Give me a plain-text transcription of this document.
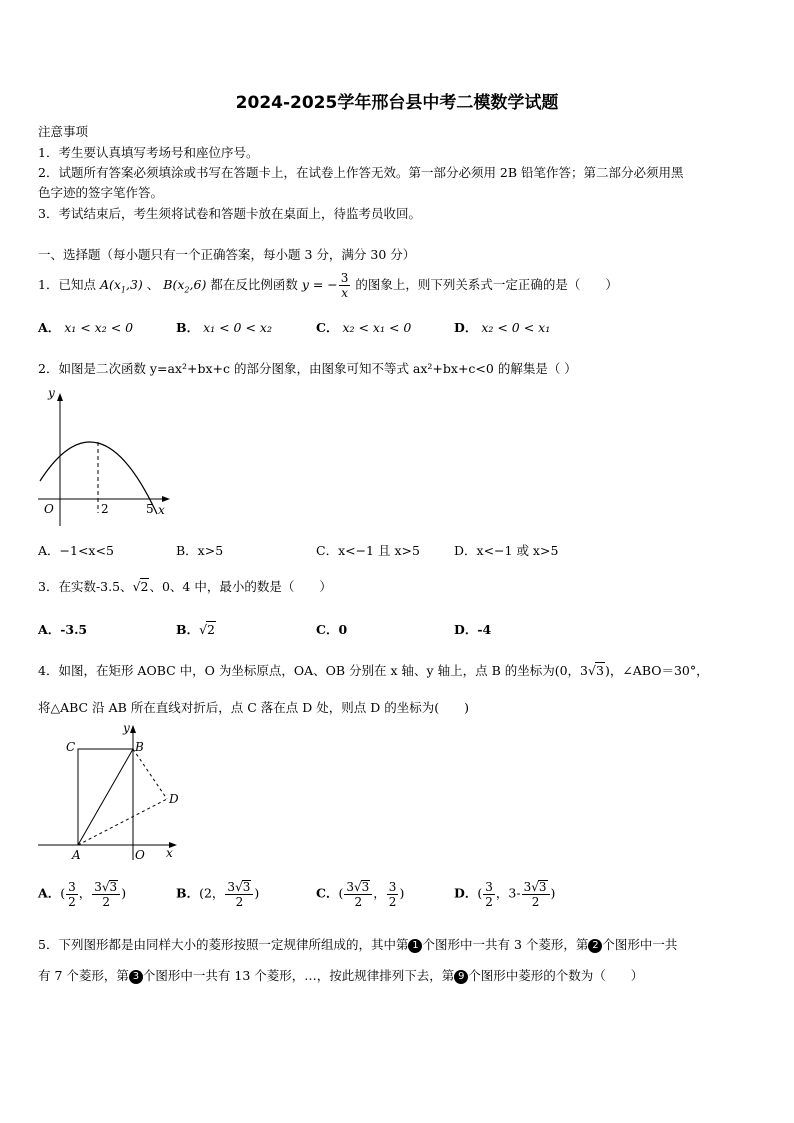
2024-2025学年邢台县中考二模数学试题
注意事项
1．考生要认真填写考场号和座位序号。
2．试题所有答案必须填涂或书写在答题卡上，在试卷上作答无效。第一部分必须用 2B 铅笔作答；第二部分必须用黑
色字迹的签字笔作答。
3．考试结束后，考生须将试卷和答题卡放在桌面上，待监考员收回。
一、选择题（每小题只有一个正确答案，每小题 3 分，满分 30 分）
1．已知点 $A(x_1,3)$ 、 $B(x_2,6)$ 都在反比例函数 y = − $\frac{3}{x}$ 的图象上，则下列关系式一定正确的是（　　）
A． x₁ < x₂ < 0	B． x₁ < 0 < x₂	C． x₂ < x₁ < 0	D． x₂ < 0 < x₁
2．如图是二次函数 y=ax²+bx+c 的部分图象，由图象可知不等式 ax²+bx+c<0 的解集是（ ）
y
O	2	5 x
A．−1<x<5	B．x>5	C．x<−1 且 x>5	D．x<−1 或 x>5
3．在实数-3.5、√2、0、4 中，最小的数是（　　）
A．-3.5	B．√2	C．0	D．-4
4．如图，在矩形 AOBC 中，O 为坐标原点，OA、OB 分别在 x 轴、y 轴上，点 B 的坐标为(0，3√3)，∠ABO＝30°，
将△ABC 沿 AB 所在直线对折后，点 C 落在点 D 处，则点 D 的坐标为(　　)
C
y
B
D
A	O x
A．( $\frac{3}{2}$ ， $\frac{3√3}{2}$ )	B．(2， $\frac{3√3}{2}$ )	C．( $\frac{3√3}{2}$ ， $\frac{3}{2}$ )	D．( $\frac{3}{2}$ ，$3- \frac{3√3}{2}$ )
5．下列图形都是由同样大小的菱形按照一定规律所组成的，其中第 1 个图形中一共有 3 个菱形，第 2 个图形中一共
有 7 个菱形，第 3 个图形中一共有 13 个菱形，…，按此规律排列下去，第 9 个图形中菱形的个数为（　　）
